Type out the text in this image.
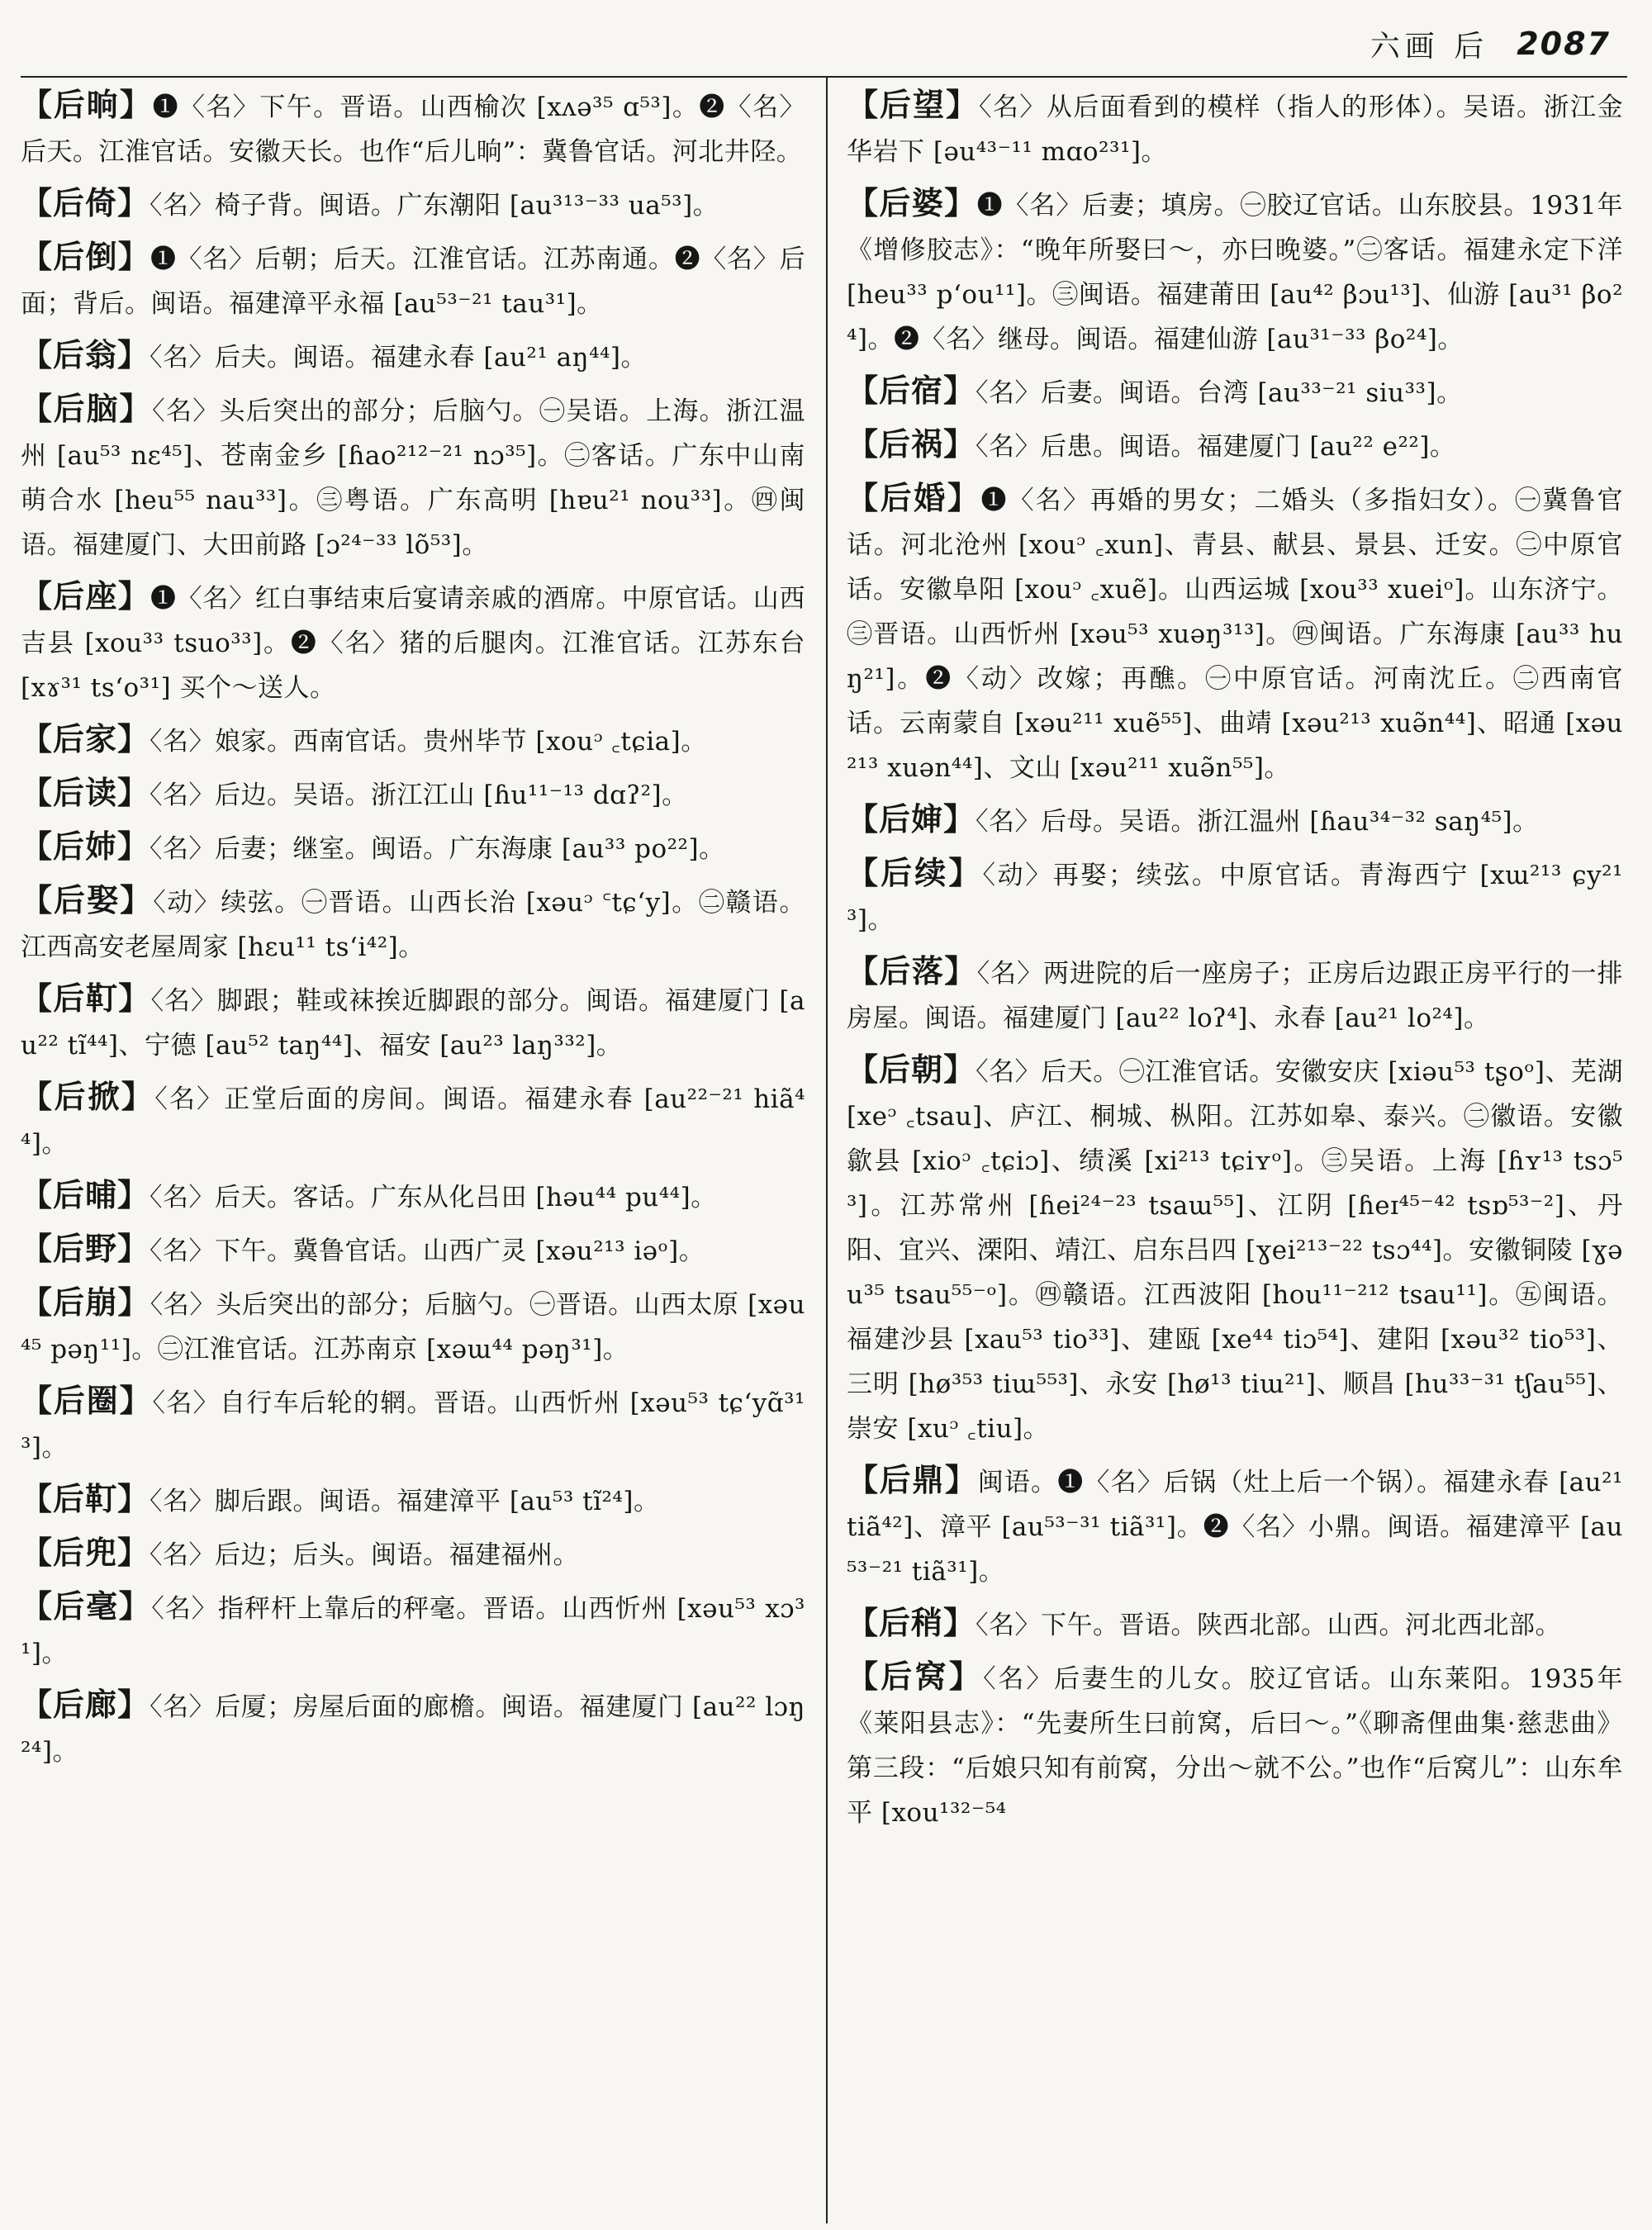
六画 后 2087
【后晌】❶〈名〉下午。晋语。山西榆次 [xʌə³⁵ ɑ⁵³]。❷〈名〉后天。江淮官话。安徽天长。也作“后儿晌”：冀鲁官话。河北井陉。
【后倚】〈名〉椅子背。闽语。广东潮阳 [au³¹³⁻³³ ua⁵³]。
【后倒】❶〈名〉后朝；后天。江淮官话。江苏南通。❷〈名〉后面；背后。闽语。福建漳平永福 [au⁵³⁻²¹ tau³¹]。
【后翁】〈名〉后夫。闽语。福建永春 [au²¹ aŋ⁴⁴]。
【后脑】〈名〉头后突出的部分；后脑勺。㊀吴语。上海。浙江温州 [au⁵³ nɛ⁴⁵]、苍南金乡 [ɦao²¹²⁻²¹ nɔ³⁵]。㊁客话。广东中山南萌合水 [heu⁵⁵ nau³³]。㊂粤语。广东高明 [hɐu²¹ nou³³]。㊃闽语。福建厦门、大田前路 [ɔ²⁴⁻³³ lõ⁵³]。
【后座】❶〈名〉红白事结束后宴请亲戚的酒席。中原官话。山西吉县 [xou³³ tsuo³³]。❷〈名〉猪的后腿肉。江淮官话。江苏东台 [xɤ³¹ tsʻo³¹] 买个～送人。
【后家】〈名〉娘家。西南官话。贵州毕节 [xouᵓ ꜀tɕia]。
【后读】〈名〉后边。吴语。浙江江山 [ɦu¹¹⁻¹³ dɑʔ²]。
【后姉】〈名〉后妻；继室。闽语。广东海康 [au³³ po²²]。
【后娶】〈动〉续弦。㊀晋语。山西长治 [xəuᵓ ꜂tɕʻy]。㊁赣语。江西高安老屋周家 [hɛu¹¹ tsʻi⁴²]。
【后靪】〈名〉脚跟；鞋或袜挨近脚跟的部分。闽语。福建厦门 [au²² tĩ⁴⁴]、宁德 [au⁵² taŋ⁴⁴]、福安 [au²³ laŋ³³²]。
【后掀】〈名〉正堂后面的房间。闽语。福建永春 [au²²⁻²¹ hiã⁴⁴]。
【后晡】〈名〉后天。客话。广东从化吕田 [həu⁴⁴ pu⁴⁴]。
【后野】〈名〉下午。冀鲁官话。山西广灵 [xəu²¹³ iəᵒ]。
【后崩】〈名〉头后突出的部分；后脑勺。㊀晋语。山西太原 [xəu⁴⁵ pəŋ¹¹]。㊁江淮官话。江苏南京 [xəɯ⁴⁴ pəŋ³¹]。
【后圈】〈名〉自行车后轮的辋。晋语。山西忻州 [xəu⁵³ tɕʻyɑ̃³¹³]。
【后靪】〈名〉脚后跟。闽语。福建漳平 [au⁵³ tĩ²⁴]。
【后兜】〈名〉后边；后头。闽语。福建福州。
【后毫】〈名〉指秤杆上靠后的秤毫。晋语。山西忻州 [xəu⁵³ xɔ³¹]。
【后廊】〈名〉后厦；房屋后面的廊檐。闽语。福建厦门 [au²² lɔŋ²⁴]。
【后望】〈名〉从后面看到的模样（指人的形体）。吴语。浙江金华岩下 [əu⁴³⁻¹¹ mɑo²³¹]。
【后婆】❶〈名〉后妻；填房。㊀胶辽官话。山东胶县。1931年《增修胶志》：“晚年所娶曰～，亦曰晚婆。”㊁客话。福建永定下洋 [heu³³ pʻou¹¹]。㊂闽语。福建莆田 [au⁴² βɔu¹³]、仙游 [au³¹ βo²⁴]。❷〈名〉继母。闽语。福建仙游 [au³¹⁻³³ βo²⁴]。
【后宿】〈名〉后妻。闽语。台湾 [au³³⁻²¹ siu³³]。
【后祸】〈名〉后患。闽语。福建厦门 [au²² e²²]。
【后婚】❶〈名〉再婚的男女；二婚头（多指妇女）。㊀冀鲁官话。河北沧州 [xouᵓ ꜀xun]、青县、献县、景县、迁安。㊁中原官话。安徽阜阳 [xouᵓ ꜀xuẽ]。山西运城 [xou³³ xueiᵒ]。山东济宁。㊂晋语。山西忻州 [xəu⁵³ xuəŋ³¹³]。㊃闽语。广东海康 [au³³ huŋ²¹]。❷〈动〉改嫁；再醮。㊀中原官话。河南沈丘。㊁西南官话。云南蒙自 [xəu²¹¹ xuẽ⁵⁵]、曲靖 [xəu²¹³ xuə̃n⁴⁴]、昭通 [xəu²¹³ xuən⁴⁴]、文山 [xəu²¹¹ xuə̃n⁵⁵]。
【后婶】〈名〉后母。吴语。浙江温州 [ɦau³⁴⁻³² saŋ⁴⁵]。
【后续】〈动〉再娶；续弦。中原官话。青海西宁 [xɯ²¹³ ɕy²¹³]。
【后落】〈名〉两进院的后一座房子；正房后边跟正房平行的一排房屋。闽语。福建厦门 [au²² loʔ⁴]、永春 [au²¹ lo²⁴]。
【后朝】〈名〉后天。㊀江淮官话。安徽安庆 [xiəu⁵³ tʂoᵒ]、芜湖 [xeᵓ ꜀tsau]、庐江、桐城、枞阳。江苏如皋、泰兴。㊁徽语。安徽歙县 [xioᵓ ꜀tɕiɔ]、绩溪 [xi²¹³ tɕiʏᵒ]。㊂吴语。上海 [ɦʏ¹³ tsɔ⁵³]。江苏常州 [ɦei²⁴⁻²³ tsaɯ⁵⁵]、江阴 [ɦeɪ⁴⁵⁻⁴² tsɒ⁵³⁻²]、丹阳、宜兴、溧阳、靖江、启东吕四 [ɣei²¹³⁻²² tsɔ⁴⁴]。安徽铜陵 [ɣəu³⁵ tsau⁵⁵⁻ᵒ]。㊃赣语。江西波阳 [hou¹¹⁻²¹² tsau¹¹]。㊄闽语。福建沙县 [xau⁵³ tio³³]、建瓯 [xe⁴⁴ tiɔ⁵⁴]、建阳 [xəu³² tio⁵³]、三明 [hø³⁵³ tiɯ⁵⁵³]、永安 [hø¹³ tiɯ²¹]、顺昌 [hu³³⁻³¹ tʃau⁵⁵]、崇安 [xuᵓ ꜀tiu]。
【后鼎】闽语。❶〈名〉后锅（灶上后一个锅）。福建永春 [au²¹ tiã⁴²]、漳平 [au⁵³⁻³¹ tiã³¹]。❷〈名〉小鼎。闽语。福建漳平 [au⁵³⁻²¹ tiã³¹]。
【后稍】〈名〉下午。晋语。陕西北部。山西。河北西北部。
【后窝】〈名〉后妻生的儿女。胶辽官话。山东莱阳。1935年《莱阳县志》：“先妻所生曰前窝，后曰～。”《聊斋俚曲集·慈悲曲》第三段：“后娘只知有前窝，分出～就不公。”也作“后窝儿”：山东牟平 [xou¹³²⁻⁵⁴
